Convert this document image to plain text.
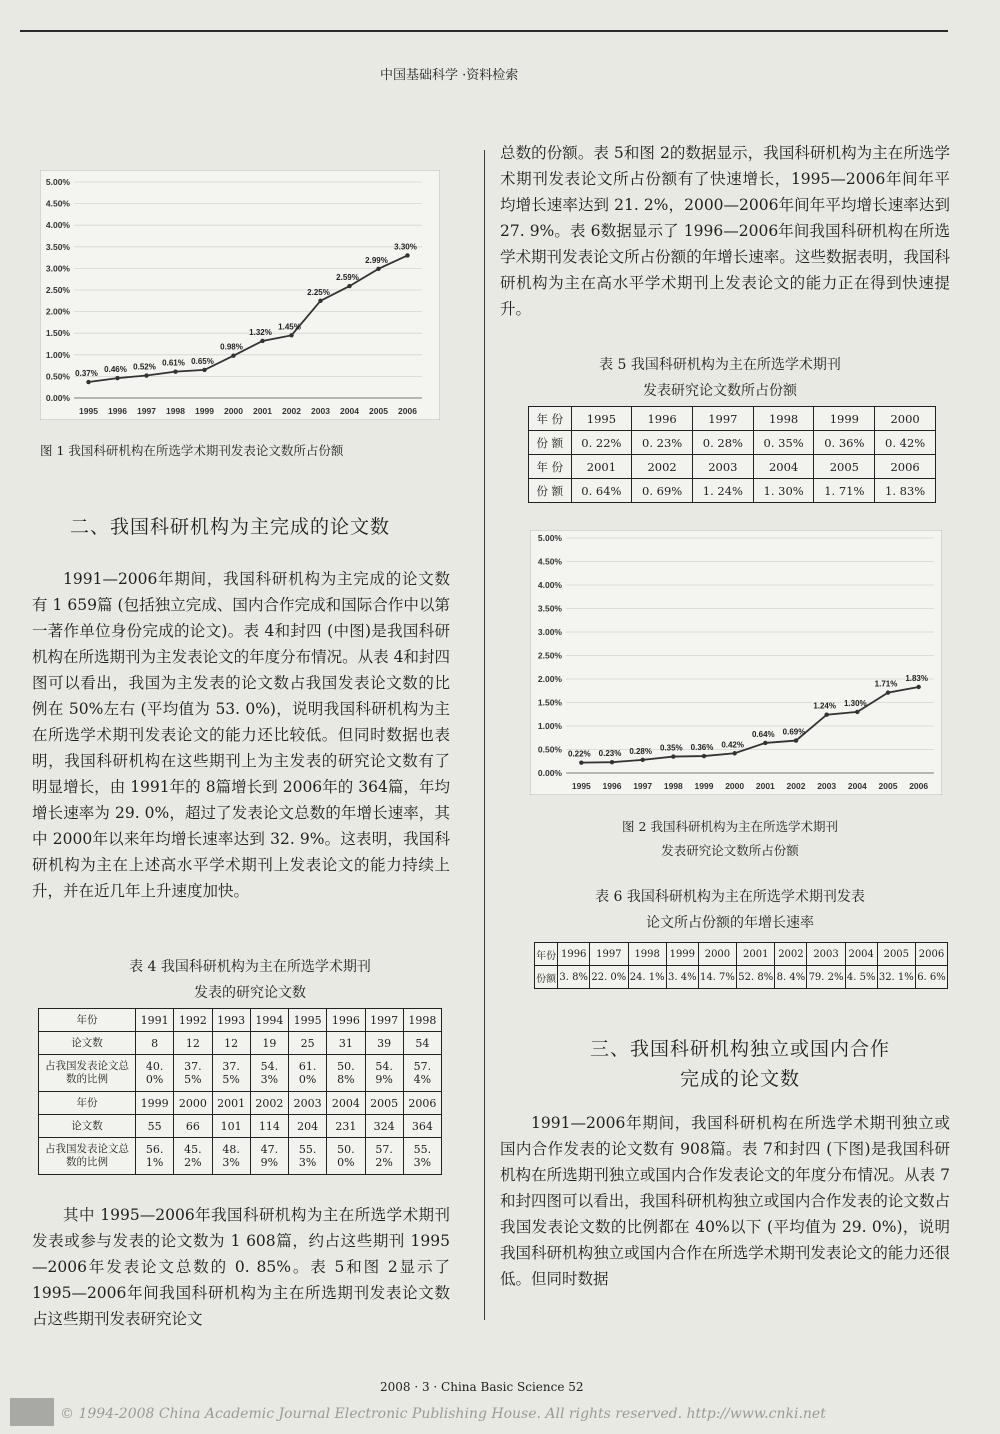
中国基础科学 ·资料检索
0.00%
0.50%
1.00%
1.50%
2.00%
2.50%
3.00%
3.50%
4.00%
4.50%
5.00%
1995 1996 1997 1998 1999 2000 2001 2002 2003 2004 2005 2006
0.37% 0.46% 0.52% 0.61% 0.65%
0.98%
1.32%
1.45%
2.25%
2.59%
2.99%
3.30%
图 1 我国科研机构在所选学术期刊发表论文数所占份额
二、我国科研机构为主完成的论文数

1991—2006年期间，我国科研机构为主完成的论文数有 1 659篇 (包括独立完成、国内合作完成和国际合作中以第一著作单位身份完成的论文)。表 4和封四 (中图)是我国科研机构在所选期刊为主发表论文的年度分布情况。从表 4和封四图可以看出，我国为主发表的论文数占我国发表论文数的比例在 50%左右 (平均值为 53. 0%)，说明我国科研机构为主在所选学术期刊发表论文的能力还比较低。但同时数据也表明，我国科研机构在这些期刊上为主发表的研究论文数有了明显增长，由 1991年的 8篇增长到 2006年的 364篇，年均增长速率为 29. 0%，超过了发表论文总数的年增长速率，其中 2000年以来年均增长速率达到 32. 9%。这表明，我国科研机构为主在上述高水平学术期刊上发表论文的能力持续上升，并在近几年上升速度加快。

表 4 我国科研机构为主在所选学术期刊
发表的研究论文数
年份	1991	1992	1993	1994	1995	1996	1997	1998
论文数	8	12	12	19	25	31	39	54
占我国发表论文总数的比例	40. 0%	37. 5%	37. 5%	54. 3%	61. 0%	50. 8%	54. 9%	57. 4%
年份	1999	2000	2001	2002	2003	2004	2005	2006
论文数	55	66	101	114	204	231	324	364
占我国发表论文总数的比例	56. 1%	45. 2%	48. 3%	47. 9%	55. 3%	50. 0%	57. 2%	55. 3%

其中 1995—2006年我国科研机构为主在所选学术期刊发表或参与发表的论文数为 1 608篇，约占这些期刊 1995—2006年发表论文总数的 0. 85%。表 5和图 2显示了 1995—2006年间我国科研机构为主在所选期刊发表论文数占这些期刊发表研究论文

总数的份额。表 5和图 2的数据显示，我国科研机构为主在所选学术期刊发表论文所占份额有了快速增长，1995—2006年间年平均增长速率达到 21. 2%，2000—2006年间年平均增长速率达到 27. 9%。表 6数据显示了 1996—2006年间我国科研机构在所选学术期刊发表论文所占份额的年增长速率。这些数据表明，我国科研机构为主在高水平学术期刊上发表论文的能力正在得到快速提升。

表 5 我国科研机构为主在所选学术期刊
发表研究论文数所占份额
年 份	1995	1996	1997	1998	1999	2000
份 额	0. 22%	0. 23%	0. 28%	0. 35%	0. 36%	0. 42%
年 份	2001	2002	2003	2004	2005	2006
份 额	0. 64%	0. 69%	1. 24%	1. 30%	1. 71%	1. 83%
0.00%
0.50%
1.00%
1.50%
2.00%
2.50%
3.00%
3.50%
4.00%
4.50%
5.00%
1995 1996 1997 1998 1999 2000 2001 2002 2003 2004 2005 2006
0.22% 0.23% 0.28% 0.35% 0.36% 0.42%
0.64% 0.69%
1.24% 1.30%
1.71%
1.83%
图 2 我国科研机构为主在所选学术期刊
发表研究论文数所占份额
表 6 我国科研机构为主在所选学术期刊发表
论文所占份额的年增长速率
年份	1996	1997	1998	1999	2000	2001	2002	2003	2004	2005	2006
份额	3. 8%	22. 0%	24. 1%	3. 4%	14. 7%	52. 8%	8. 4%	79. 2%	4. 5%	32. 1%	6. 6%
三、我国科研机构独立或国内合作
完成的论文数

1991—2006年期间，我国科研机构在所选学术期刊独立或国内合作发表的论文数有 908篇。表 7和封四 (下图)是我国科研机构在所选期刊独立或国内合作发表论文的年度分布情况。从表 7和封四图可以看出，我国科研机构独立或国内合作发表的论文数占我国发表论文数的比例都在 40%以下 (平均值为 29. 0%)，说明我国科研机构独立或国内合作在所选学术期刊发表论文的能力还很低。但同时数据

2008 · 3 · China Basic Science 52
© 1994-2008 China Academic Journal Electronic Publishing House. All rights reserved. http://www.cnki.net
